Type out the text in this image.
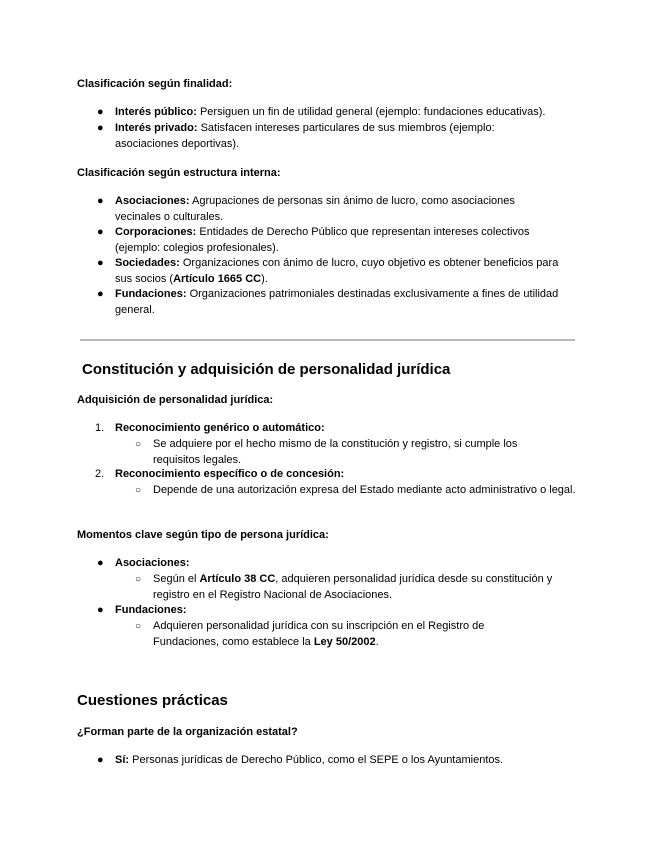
Clasificación según finalidad:
● Interés público: Persiguen un fin de utilidad general (ejemplo: fundaciones educativas).
● Interés privado: Satisfacen intereses particulares de sus miembros (ejemplo: asociaciones deportivas).
Clasificación según estructura interna:
● Asociaciones: Agrupaciones de personas sin ánimo de lucro, como asociaciones vecinales o culturales.
● Corporaciones: Entidades de Derecho Público que representan intereses colectivos (ejemplo: colegios profesionales).
● Sociedades: Organizaciones con ánimo de lucro, cuyo objetivo es obtener beneficios para sus socios (Artículo 1665 CC).
● Fundaciones: Organizaciones patrimoniales destinadas exclusivamente a fines de utilidad general.
Constitución y adquisición de personalidad jurídica
Adquisición de personalidad jurídica:
1. Reconocimiento genérico o automático:
○ Se adquiere por el hecho mismo de la constitución y registro, si cumple los requisitos legales.
2. Reconocimiento específico o de concesión:
○ Depende de una autorización expresa del Estado mediante acto administrativo o legal.
Momentos clave según tipo de persona jurídica:
● Asociaciones:
○ Según el Artículo 38 CC, adquieren personalidad jurídica desde su constitución y registro en el Registro Nacional de Asociaciones.
● Fundaciones:
○ Adquieren personalidad jurídica con su inscripción en el Registro de Fundaciones, como establece la Ley 50/2002.
Cuestiones prácticas
¿Forman parte de la organización estatal?
● Sí: Personas jurídicas de Derecho Público, como el SEPE o los Ayuntamientos.
